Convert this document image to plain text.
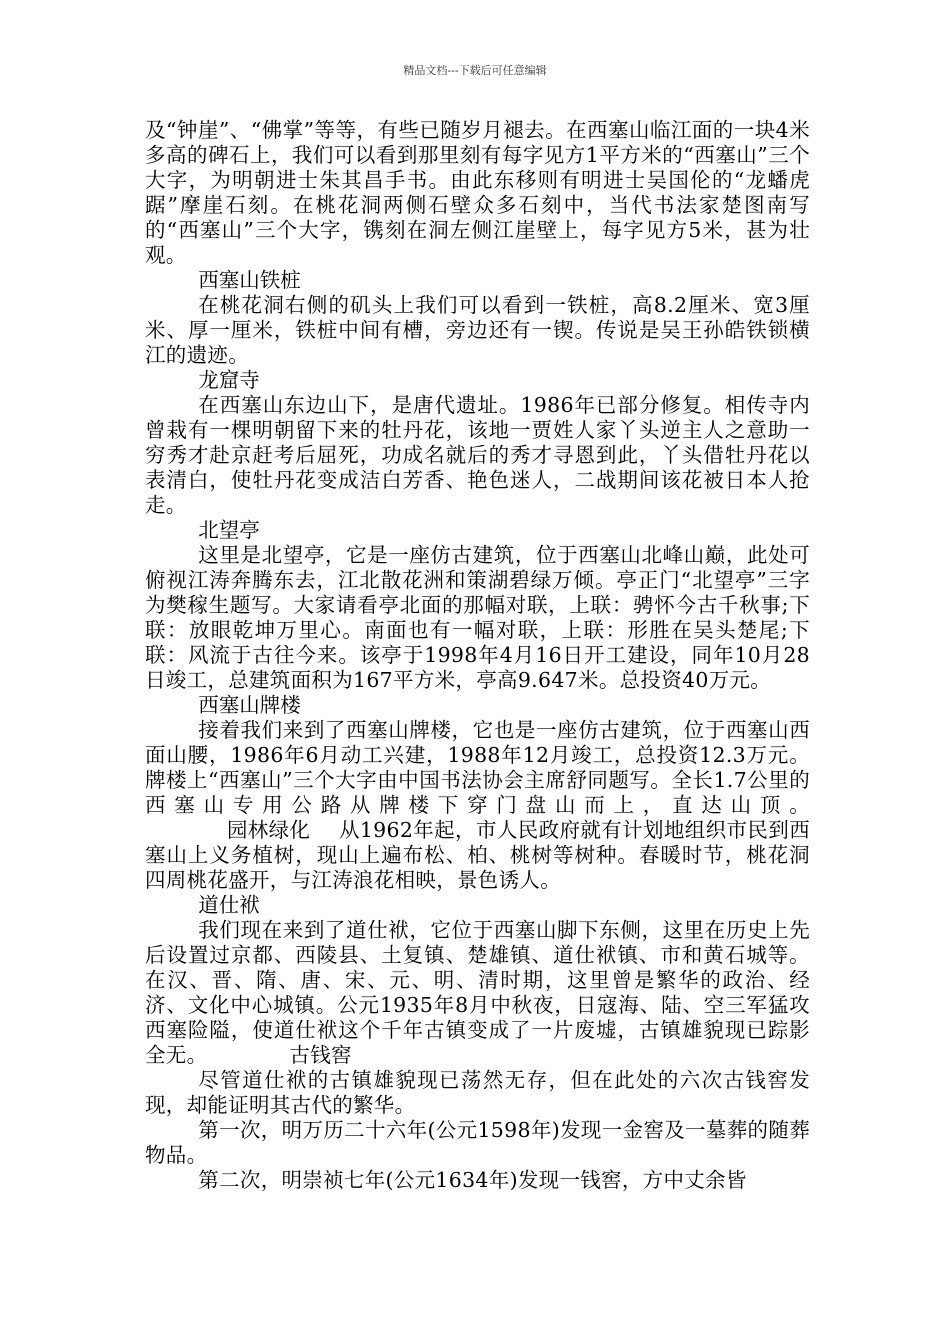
精品文档---下载后可任意编辑

及“钟崖”、“佛掌”等等，有些已随岁月褪去。在西塞山临江面的一块4米多高的碑石上，我们可以看到那里刻有每字见方1平方米的“西塞山”三个大字，为明朝进士朱其昌手书。由此东移则有明进士吴国伦的“龙蟠虎踞”摩崖石刻。在桃花洞两侧石壁众多石刻中，当代书法家楚图南写的“西塞山”三个大字，镌刻在洞左侧江崖壁上，每字见方5米，甚为壮观。

西塞山铁桩

在桃花洞右侧的矶头上我们可以看到一铁桩，高8.2厘米、宽3厘米、厚一厘米，铁桩中间有槽，旁边还有一锲。传说是吴王孙皓铁锁横江的遗迹。

龙窟寺

在西塞山东边山下，是唐代遗址。1986年已部分修复。相传寺内曾栽有一棵明朝留下来的牡丹花，该地一贾姓人家丫头逆主人之意助一穷秀才赴京赶考后屈死，功成名就后的秀才寻恩到此，丫头借牡丹花以表清白，使牡丹花变成洁白芳香、艳色迷人，二战期间该花被日本人抢走。

北望亭

这里是北望亭，它是一座仿古建筑，位于西塞山北峰山巅，此处可俯视江涛奔腾东去，江北散花洲和策湖碧绿万倾。亭正门“北望亭”三字为樊稼生题写。大家请看亭北面的那幅对联，上联：骋怀今古千秋事;下联：放眼乾坤万里心。南面也有一幅对联，上联：形胜在吴头楚尾;下联：风流于古往今来。该亭于1998年4月16日开工建设，同年10月28日竣工，总建筑面积为167平方米，亭高9.647米。总投资40万元。

西塞山牌楼

接着我们来到了西塞山牌楼，它也是一座仿古建筑，位于西塞山西面山腰，1986年6月动工兴建，1988年12月竣工，总投资12.3万元。牌楼上“西塞山”三个大字由中国书法协会主席舒同题写。全长1.7公里的西塞山专用公路从牌楼下穿门盘山而上，直达山顶。园林绿化 从1962年起，市人民政府就有计划地组织市民到西塞山上义务植树，现山上遍布松、柏、桃树等树种。春暖时节，桃花洞四周桃花盛开，与江涛浪花相映，景色诱人。

道仕袱

我们现在来到了道仕袱，它位于西塞山脚下东侧，这里在历史上先后设置过京都、西陵县、土复镇、楚雄镇、道仕袱镇、市和黄石城等。在汉、晋、隋、唐、宋、元、明、清时期，这里曾是繁华的政治、经济、文化中心城镇。公元1935年8月中秋夜，日寇海、陆、空三军猛攻西塞险隘，使道仕袱这个千年古镇变成了一片废墟，古镇雄貌现已踪影全无。	古钱窖

尽管道仕袱的古镇雄貌现已荡然无存，但在此处的六次古钱窖发现，却能证明其古代的繁华。

第一次，明万历二十六年(公元1598年)发现一金窖及一墓葬的随葬物品。

第二次，明崇祯七年(公元1634年)发现一钱窖，方中丈余皆
